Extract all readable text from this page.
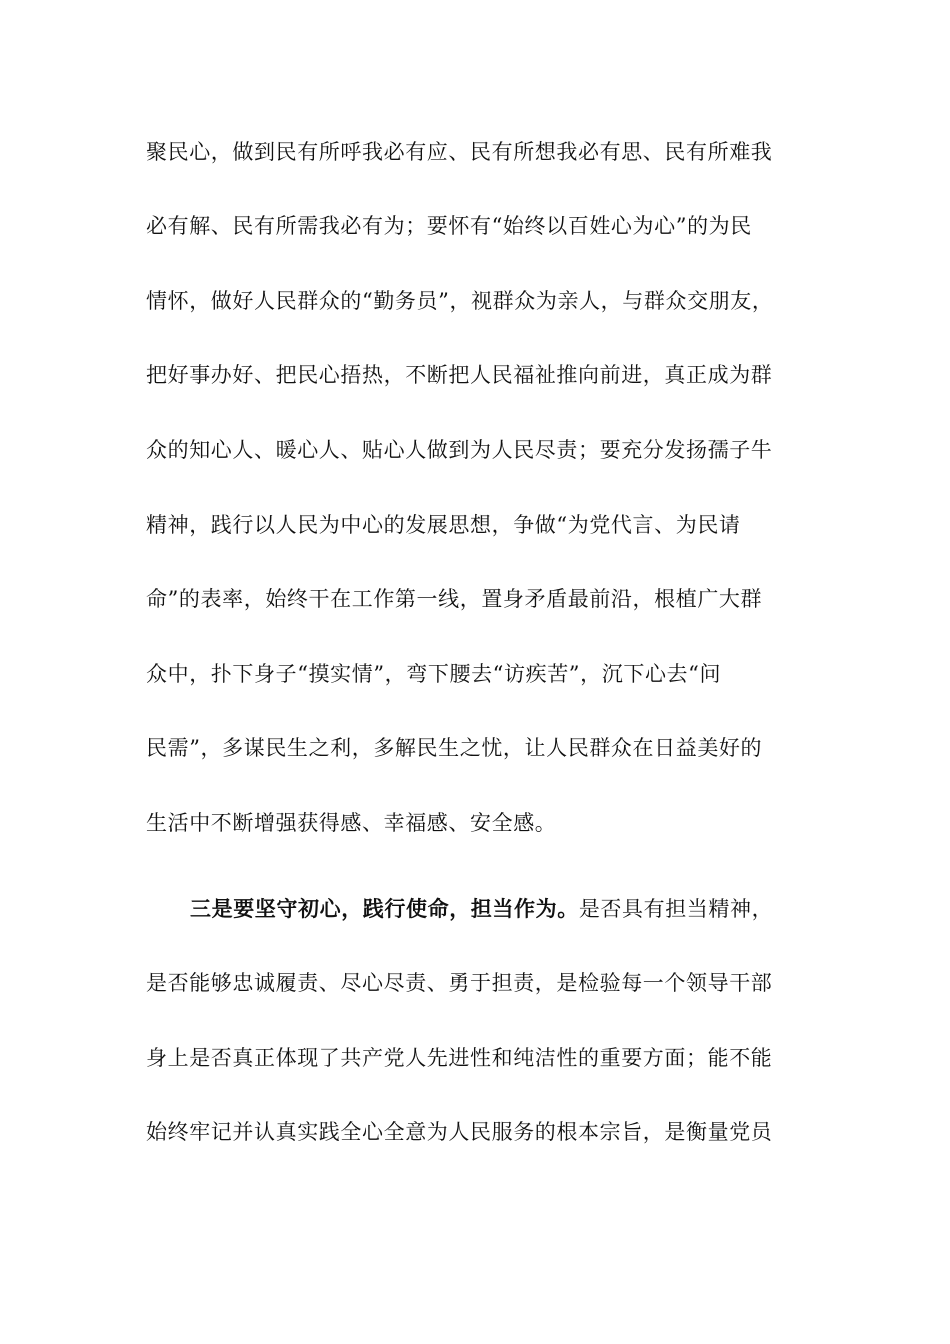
聚民心，做到民有所呼我必有应、民有所想我必有思、民有所难我
必有解、民有所需我必有为；要怀有“始终以百姓心为心”的为民
情怀，做好人民群众的“勤务员”，视群众为亲人，与群众交朋友，
把好事办好、把民心捂热，不断把人民福祉推向前进，真正成为群
众的知心人、暖心人、贴心人做到为人民尽责；要充分发扬孺子牛
精神，践行以人民为中心的发展思想，争做“为党代言、为民请
命”的表率，始终干在工作第一线，置身矛盾最前沿，根植广大群
众中，扑下身子“摸实情”，弯下腰去“访疾苦”，沉下心去“问
民需”，多谋民生之利，多解民生之忧，让人民群众在日益美好的
生活中不断增强获得感、幸福感、安全感。
三是要坚守初心，践行使命，担当作为。是否具有担当精神，
是否能够忠诚履责、尽心尽责、勇于担责，是检验每一个领导干部
身上是否真正体现了共产党人先进性和纯洁性的重要方面；能不能
始终牢记并认真实践全心全意为人民服务的根本宗旨，是衡量党员
